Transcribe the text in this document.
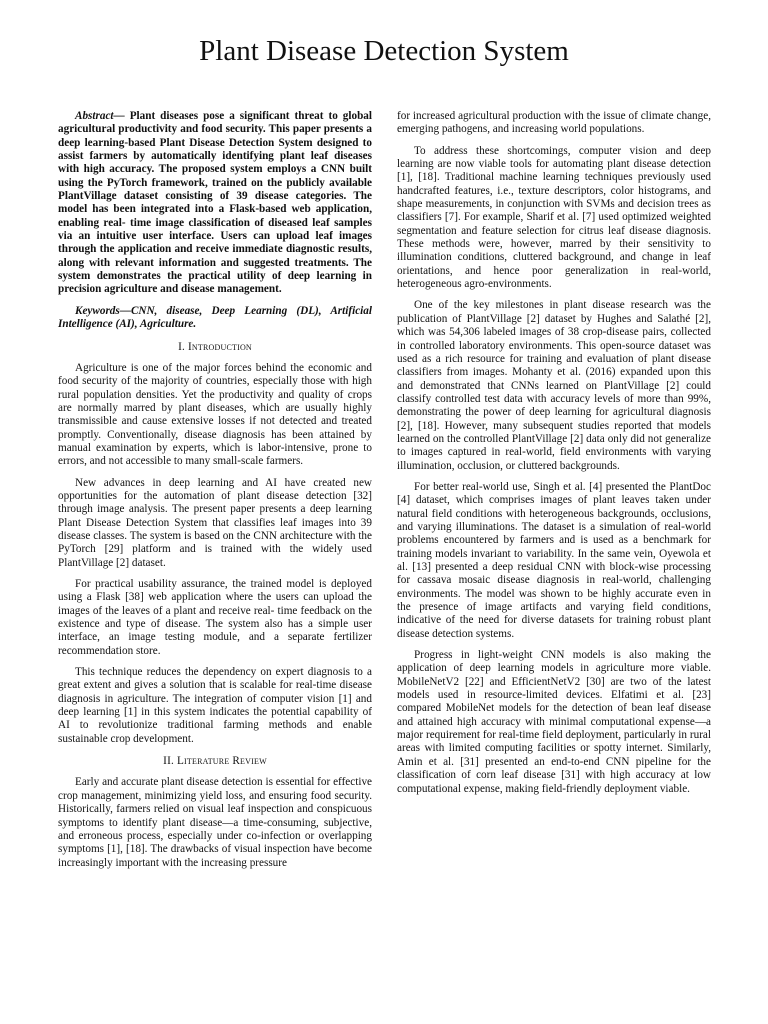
Plant Disease Detection System

Abstract— Plant diseases pose a significant threat to global agricultural productivity and food security. This paper presents a deep learning-based Plant Disease Detection System designed to assist farmers by automatically identifying plant leaf diseases with high accuracy. The proposed system employs a CNN built using the PyTorch framework, trained on the publicly available PlantVillage dataset consisting of 39 disease categories. The model has been integrated into a Flask-based web application, enabling real- time image classification of diseased leaf samples via an intuitive user interface. Users can upload leaf images through the application and receive immediate diagnostic results, along with relevant information and suggested treatments. The system demonstrates the practical utility of deep learning in precision agriculture and disease management.

Keywords—CNN, disease, Deep Learning (DL), Artificial Intelligence (AI), Agriculture.

I. Introduction

Agriculture is one of the major forces behind the economic and food security of the majority of countries, especially those with high rural population densities. Yet the productivity and quality of crops are normally marred by plant diseases, which are usually highly transmissible and cause extensive losses if not detected and treated promptly. Conventionally, disease diagnosis has been attained by manual examination by experts, which is labor-intensive, prone to errors, and not accessible to many small-scale farmers.

New advances in deep learning and AI have created new opportunities for the automation of plant disease detection [32] through image analysis. The present paper presents a deep learning Plant Disease Detection System that classifies leaf images into 39 disease classes. The system is based on the CNN architecture with the PyTorch [29] platform and is trained with the widely used PlantVillage [2] dataset.

For practical usability assurance, the trained model is deployed using a Flask [38] web application where the users can upload the images of the leaves of a plant and receive real- time feedback on the existence and type of disease. The system also has a simple user interface, an image testing module, and a separate fertilizer recommendation store.

This technique reduces the dependency on expert diagnosis to a great extent and gives a solution that is scalable for real-time disease diagnosis in agriculture. The integration of computer vision [1] and deep learning [1] in this system indicates the potential capability of AI to revolutionize traditional farming methods and enable sustainable crop development.

II. Literature Review

Early and accurate plant disease detection is essential for effective crop management, minimizing yield loss, and ensuring food security. Historically, farmers relied on visual leaf inspection and conspicuous symptoms to identify plant disease—a time-consuming, subjective, and erroneous process, especially under co-infection or overlapping symptoms [1], [18]. The drawbacks of visual inspection have become increasingly important with the increasing pressure

for increased agricultural production with the issue of climate change, emerging pathogens, and increasing world populations.

To address these shortcomings, computer vision and deep learning are now viable tools for automating plant disease detection [1], [18]. Traditional machine learning techniques previously used handcrafted features, i.e., texture descriptors, color histograms, and shape measurements, in conjunction with SVMs and decision trees as classifiers [7]. For example, Sharif et al. [7] used optimized weighted segmentation and feature selection for citrus leaf disease diagnosis. These methods were, however, marred by their sensitivity to illumination conditions, cluttered background, and change in leaf orientations, and hence poor generalization in real-world, heterogeneous agro-environments.

One of the key milestones in plant disease research was the publication of PlantVillage [2] dataset by Hughes and Salathé [2], which was 54,306 labeled images of 38 crop-disease pairs, collected in controlled laboratory environments. This open-source dataset was used as a rich resource for training and evaluation of plant disease classifiers from images. Mohanty et al. (2016) expanded upon this and demonstrated that CNNs learned on PlantVillage [2] could classify controlled test data with accuracy levels of more than 99%, demonstrating the power of deep learning for agricultural diagnosis [2], [18]. However, many subsequent studies reported that models learned on the controlled PlantVillage [2] data only did not generalize to images captured in real-world, field environments with varying illumination, occlusion, or cluttered backgrounds.

For better real-world use, Singh et al. [4] presented the PlantDoc [4] dataset, which comprises images of plant leaves taken under natural field conditions with heterogeneous backgrounds, occlusions, and varying illuminations. The dataset is a simulation of real-world problems encountered by farmers and is used as a benchmark for training models invariant to variability. In the same vein, Oyewola et al. [13] presented a deep residual CNN with block-wise processing for cassava mosaic disease diagnosis in real-world, challenging environments. The model was shown to be highly accurate even in the presence of image artifacts and varying field conditions, indicative of the need for diverse datasets for training robust plant disease detection systems.

Progress in light-weight CNN models is also making the application of deep learning models in agriculture more viable. MobileNetV2 [22] and EfficientNetV2 [30] are two of the latest models used in resource-limited devices. Elfatimi et al. [23] compared MobileNet models for the detection of bean leaf disease and attained high accuracy with minimal computational expense—a major requirement for real-time field deployment, particularly in rural areas with limited computing facilities or spotty internet. Similarly, Amin et al. [31] presented an end-to-end CNN pipeline for the classification of corn leaf disease [31] with high accuracy at low computational expense, making field-friendly deployment viable.
